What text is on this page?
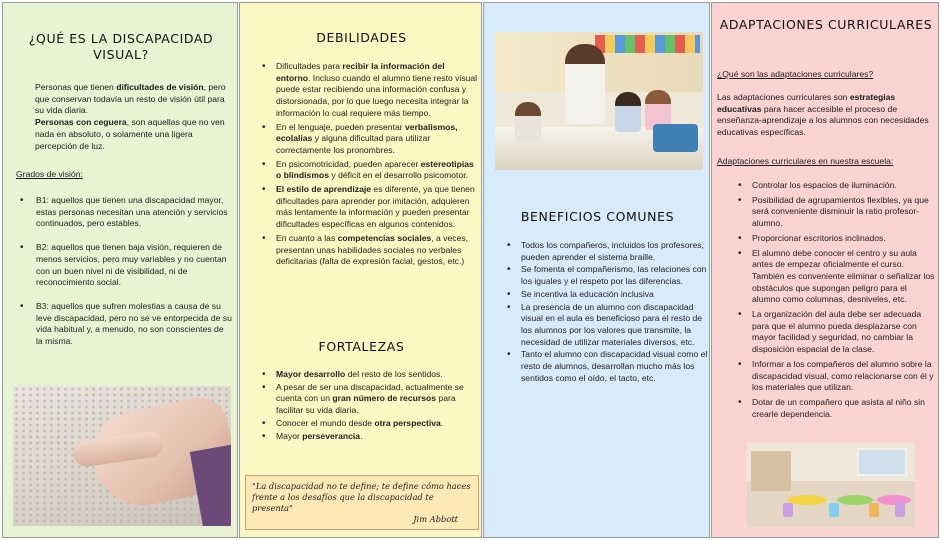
¿QUÉ ES LA DISCAPACIDAD VISUAL?

Personas que tienen dificultades de visión, pero que conservan todavía un resto de visión útil para su vida diaria.

Personas con ceguera, son aquellas que no ven nada en absoluto, o solamente una ligera percepción de luz.

Grados de visión:
• B1: aquellos que tienen una discapacidad mayor, estas personas necesitan una atención y servicios continuados, pero estables.
• B2: aquellos que tienen baja visión, requieren de menos servicios, pero muy variables y no cuentan con un buen nivel ni de visibilidad, ni de reconocimiento social.
• B3: aquellos que sufren molestias a causa de su leve discapacidad, pero no se ve entorpecida de su vida habitual y, a menudo, no son conscientes de la misma.
DEBILIDADES
• Dificultades para recibir la información del entorno. Incluso cuando el alumno tiene resto visual puede estar recibiendo una información confusa y distorsionada, por lo que luego necesita integrar la información lo cual requiere más tiempo.
• En el lenguaje, pueden presentar verbalismos, ecolalias y alguna dificultad para utilizar correctamente los pronombres.
• En psicomotricidad, pueden aparecer estereotipias o blindismos y déficit en el desarrollo psicomotor.
• El estilo de aprendizaje es diferente, ya que tienen dificultades para aprender por imitación, adquieren más lentamente la información y pueden presentar dificultades específicas en algunos contenidos.
• En cuanto a las competencias sociales, a veces, presentan unas habilidades sociales no verbales deficitarias (falta de expresión facial, gestos, etc.)
FORTALEZAS
• Mayor desarrollo del resto de los sentidos.
• A pesar de ser una discapacidad, actualmente se cuenta con un gran número de recursos para facilitar su vida diaria.
• Conocer el mundo desde otra perspectiva.
• Mayor perseverancia.
"La discapacidad no te define; te define cómo haces frente a los desafíos que la discapacidad te presenta"
Jim Abbott
BENEFICIOS COMUNES
• Todos los compañeros, incluidos los profesores, pueden aprender el sistema braille.
• Se fomenta el compañerismo, las relaciones con los iguales y el respeto por las diferencias.
• Se incentiva la educación inclusiva
• La presencia de un alumno con discapacidad visual en el aula es beneficioso para el resto de los alumnos por los valores que transmite, la necesidad de utilizar materiales diversos, etc.
• Tanto el alumno con discapacidad visual como el resto de alumnos, desarrollan mucho más los sentidos como el oído, el tacto, etc.
ADAPTACIONES CURRICULARES
¿Qué son las adaptaciones curriculares?
Las adaptaciones curriculares son estrategias educativas para hacer accesible el proceso de enseñanza-aprendizaje a los alumnos con necesidades educativas específicas.
Adaptaciones curriculares en nuestra escuela:
• Controlar los espacios de iluminación.
• Posibilidad de agrupamientos flexibles, ya que será conveniente disminuir la ratio profesor-alumno.
• Proporcionar escritorios inclinados.
• El alumno debe conocer el centro y su aula antes de empezar oficialmente el curso. También es conveniente eliminar o señalizar los obstáculos que supongan peligro para el alumno como columnas, desniveles, etc.
• La organización del aula debe ser adecuada para que el alumno pueda desplazarse con mayor facilidad y seguridad, no cambiar la disposición espacial de la clase.
• Informar a los compañeros del alumno sobre la discapacidad visual, como relacionarse con él y los materiales que utilizan.
• Dotar de un compañero que asista al niño sin crearle dependencia.
